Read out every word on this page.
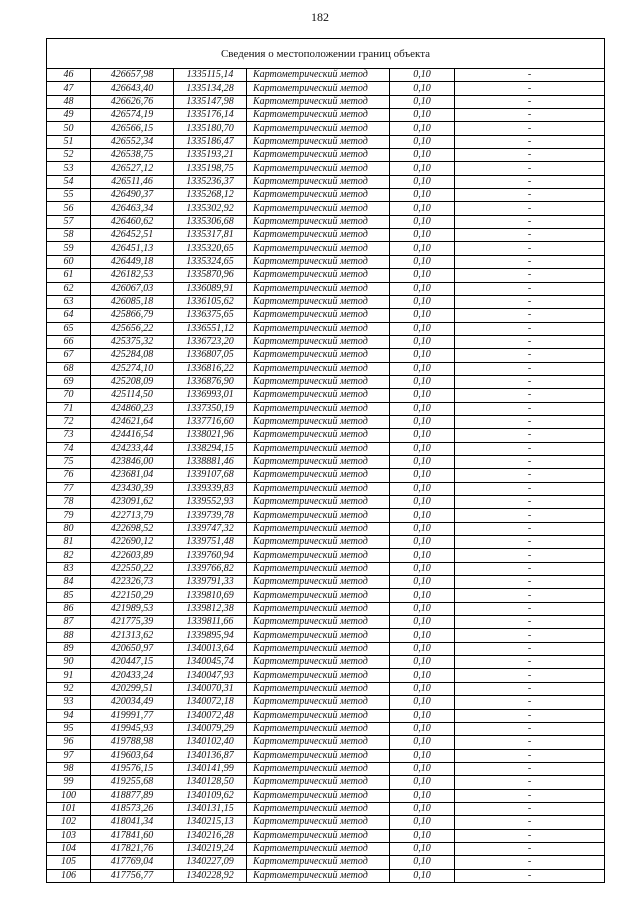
182
Сведения о местоположении границ объекта
46	426657,98	1335115,14	Картометрический метод	0,10	-
47	426643,40	1335134,28	Картометрический метод	0,10	-
48	426626,76	1335147,98	Картометрический метод	0,10	-
49	426574,19	1335176,14	Картометрический метод	0,10	-
50	426566,15	1335180,70	Картометрический метод	0,10	-
51	426552,34	1335186,47	Картометрический метод	0,10	-
52	426538,75	1335193,21	Картометрический метод	0,10	-
53	426527,12	1335198,75	Картометрический метод	0,10	-
54	426511,46	1335236,37	Картометрический метод	0,10	-
55	426490,37	1335268,12	Картометрический метод	0,10	-
56	426463,34	1335302,92	Картометрический метод	0,10	-
57	426460,62	1335306,68	Картометрический метод	0,10	-
58	426452,51	1335317,81	Картометрический метод	0,10	-
59	426451,13	1335320,65	Картометрический метод	0,10	-
60	426449,18	1335324,65	Картометрический метод	0,10	-
61	426182,53	1335870,96	Картометрический метод	0,10	-
62	426067,03	1336089,91	Картометрический метод	0,10	-
63	426085,18	1336105,62	Картометрический метод	0,10	-
64	425866,79	1336375,65	Картометрический метод	0,10	-
65	425656,22	1336551,12	Картометрический метод	0,10	-
66	425375,32	1336723,20	Картометрический метод	0,10	-
67	425284,08	1336807,05	Картометрический метод	0,10	-
68	425274,10	1336816,22	Картометрический метод	0,10	-
69	425208,09	1336876,90	Картометрический метод	0,10	-
70	425114,50	1336993,01	Картометрический метод	0,10	-
71	424860,23	1337350,19	Картометрический метод	0,10	-
72	424621,64	1337716,60	Картометрический метод	0,10	-
73	424416,54	1338021,96	Картометрический метод	0,10	-
74	424233,44	1338294,15	Картометрический метод	0,10	-
75	423846,00	1338881,46	Картометрический метод	0,10	-
76	423681,04	1339107,68	Картометрический метод	0,10	-
77	423430,39	1339339,83	Картометрический метод	0,10	-
78	423091,62	1339552,93	Картометрический метод	0,10	-
79	422713,79	1339739,78	Картометрический метод	0,10	-
80	422698,52	1339747,32	Картометрический метод	0,10	-
81	422690,12	1339751,48	Картометрический метод	0,10	-
82	422603,89	1339760,94	Картометрический метод	0,10	-
83	422550,22	1339766,82	Картометрический метод	0,10	-
84	422326,73	1339791,33	Картометрический метод	0,10	-
85	422150,29	1339810,69	Картометрический метод	0,10	-
86	421989,53	1339812,38	Картометрический метод	0,10	-
87	421775,39	1339811,66	Картометрический метод	0,10	-
88	421313,62	1339895,94	Картометрический метод	0,10	-
89	420650,97	1340013,64	Картометрический метод	0,10	-
90	420447,15	1340045,74	Картометрический метод	0,10	-
91	420433,24	1340047,93	Картометрический метод	0,10	-
92	420299,51	1340070,31	Картометрический метод	0,10	-
93	420034,49	1340072,18	Картометрический метод	0,10	-
94	419991,77	1340072,48	Картометрический метод	0,10	-
95	419945,93	1340079,29	Картометрический метод	0,10	-
96	419788,98	1340102,40	Картометрический метод	0,10	-
97	419603,64	1340136,87	Картометрический метод	0,10	-
98	419576,15	1340141,99	Картометрический метод	0,10	-
99	419255,68	1340128,50	Картометрический метод	0,10	-
100	418877,89	1340109,62	Картометрический метод	0,10	-
101	418573,26	1340131,15	Картометрический метод	0,10	-
102	418041,34	1340215,13	Картометрический метод	0,10	-
103	417841,60	1340216,28	Картометрический метод	0,10	-
104	417821,76	1340219,24	Картометрический метод	0,10	-
105	417769,04	1340227,09	Картометрический метод	0,10	-
106	417756,77	1340228,92	Картометрический метод	0,10	-
